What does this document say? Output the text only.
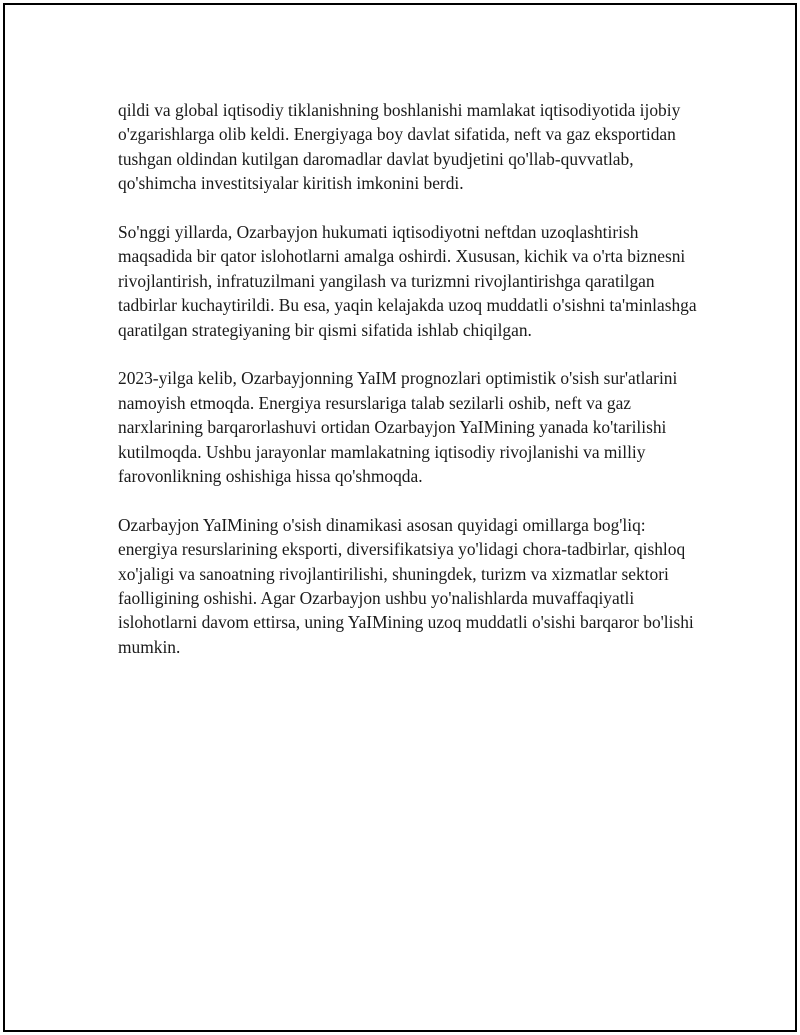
qildi va global iqtisodiy tiklanishning boshlanishi mamlakat iqtisodiyotida ijobiy o'zgarishlarga olib keldi. Energiyaga boy davlat sifatida, neft va gaz eksportidan tushgan oldindan kutilgan daromadlar davlat byudjetini qo'llab-quvvatlab, qo'shimcha investitsiyalar kiritish imkonini berdi.

So'nggi yillarda, Ozarbayjon hukumati iqtisodiyotni neftdan uzoqlashtirish maqsadida bir qator islohotlarni amalga oshirdi. Xususan, kichik va o'rta biznesni rivojlantirish, infratuzilmani yangilash va turizmni rivojlantirishga qaratilgan tadbirlar kuchaytirildi. Bu esa, yaqin kelajakda uzoq muddatli o'sishni ta'minlashga qaratilgan strategiyaning bir qismi sifatida ishlab chiqilgan.

2023-yilga kelib, Ozarbayjonning YaIM prognozlari optimistik o'sish sur'atlarini namoyish etmoqda. Energiya resurslariga talab sezilarli oshib, neft va gaz narxlarining barqarorlashuvi ortidan Ozarbayjon YaIMining yanada ko'tarilishi kutilmoqda. Ushbu jarayonlar mamlakatning iqtisodiy rivojlanishi va milliy farovonlikning oshishiga hissa qo'shmoqda.

Ozarbayjon YaIMining o'sish dinamikasi asosan quyidagi omillarga bog'liq: energiya resurslarining eksporti, diversifikatsiya yo'lidagi chora-tadbirlar, qishloq xo'jaligi va sanoatning rivojlantirilishi, shuningdek, turizm va xizmatlar sektori faolligining oshishi. Agar Ozarbayjon ushbu yo'nalishlarda muvaffaqiyatli islohotlarni davom ettirsa, uning YaIMining uzoq muddatli o'sishi barqaror bo'lishi mumkin.
